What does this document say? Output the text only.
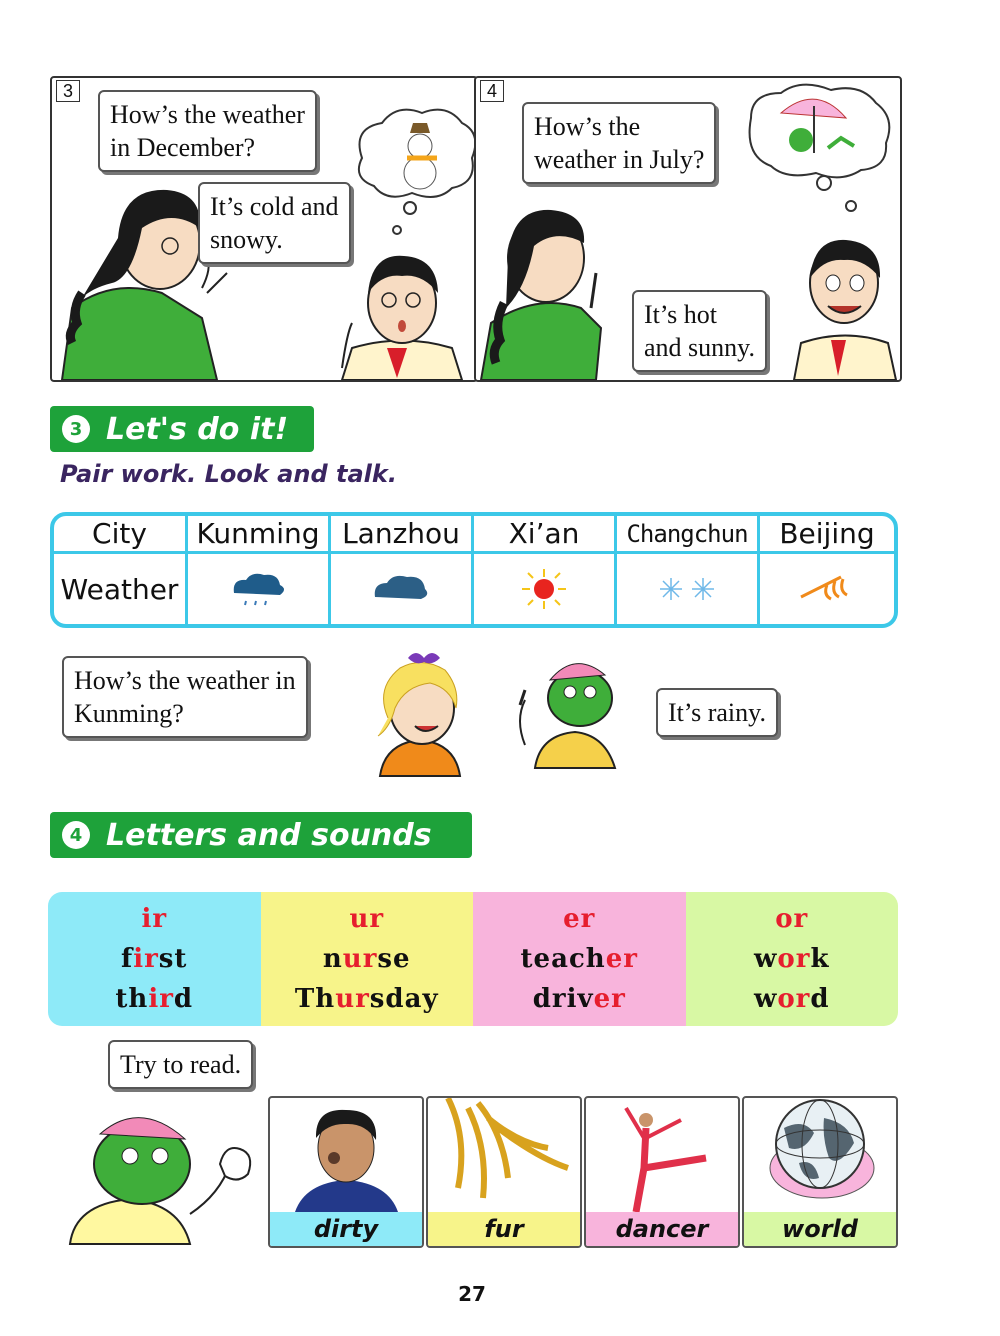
3
How’s the weather
in December?
It’s cold and
snowy.
4
How’s the
weather in July?
It’s hot
and sunny.
3 Let's do it!
Pair work. Look and talk.
City	Kunming Lanzhou	Xi’an	Changchun	Beijing
Weather
How’s the weather in
Kunming?	It’s rainy.
4 Letters and sounds
ir
first
third
ur
nurse
Thursday
er
teacher
driver
or
work
word
Try to read.
dirty	fur	dancer	world
27
